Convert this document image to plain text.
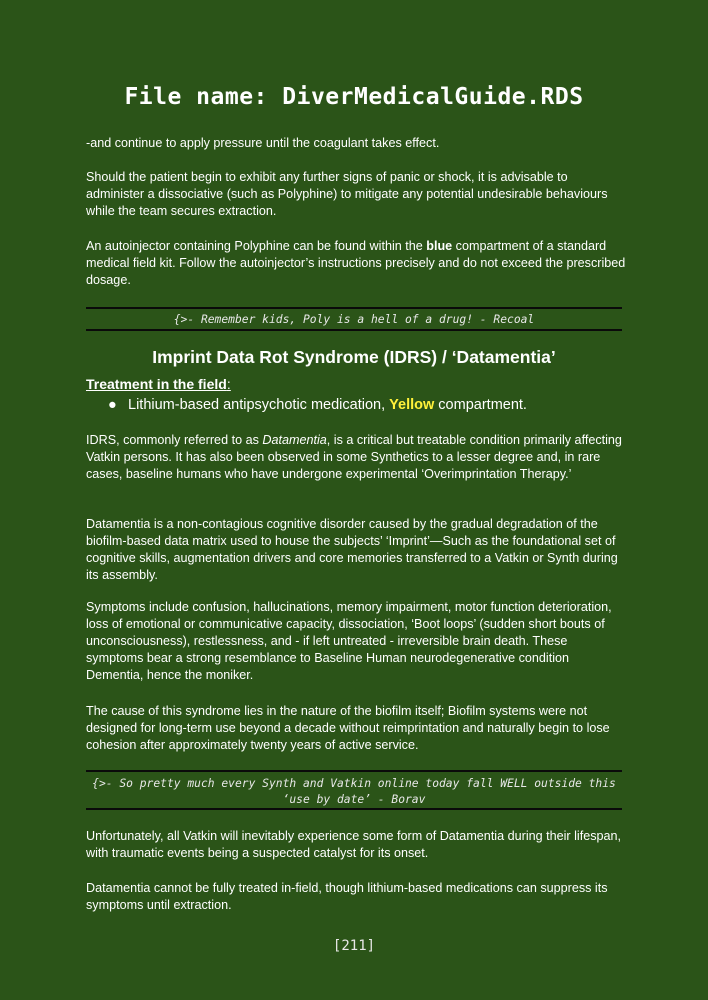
File name: DiverMedicalGuide.RDS

-and continue to apply pressure until the coagulant takes effect.

Should the patient begin to exhibit any further signs of panic or shock, it is advisable to administer a dissociative (such as Polyphine) to mitigate any potential undesirable behaviours while the team secures extraction.

An autoinjector containing Polyphine can be found within the blue compartment of a standard medical field kit. Follow the autoinjector’s instructions precisely and do not exceed the prescribed dosage.

{>- Remember kids, Poly is a hell of a drug! - Recoal
Imprint Data Rot Syndrome (IDRS) / ‘Datamentia’
Treatment in the field:
● Lithium-based antipsychotic medication, Yellow compartment.

IDRS, commonly referred to as Datamentia, is a critical but treatable condition primarily affecting Vatkin persons. It has also been observed in some Synthetics to a lesser degree and, in rare cases, baseline humans who have undergone experimental ‘Overimprintation Therapy.’

Datamentia is a non-contagious cognitive disorder caused by the gradual degradation of the biofilm-based data matrix used to house the subjects’ ‘Imprint’—Such as the foundational set of cognitive skills, augmentation drivers and core memories transferred to a Vatkin or Synth during its assembly.

Symptoms include confusion, hallucinations, memory impairment, motor function deterioration, loss of emotional or communicative capacity, dissociation, ‘Boot loops’ (sudden short bouts of unconsciousness), restlessness, and - if left untreated - irreversible brain death. These symptoms bear a strong resemblance to Baseline Human neurodegenerative condition Dementia, hence the moniker.

The cause of this syndrome lies in the nature of the biofilm itself; Biofilm systems were not designed for long-term use beyond a decade without reimprintation and naturally begin to lose cohesion after approximately twenty years of active service.

{>- So pretty much every Synth and Vatkin online today fall WELL outside this ‘use by date’ - Borav

Unfortunately, all Vatkin will inevitably experience some form of Datamentia during their lifespan, with traumatic events being a suspected catalyst for its onset.

Datamentia cannot be fully treated in-field, though lithium-based medications can suppress its symptoms until extraction.

[211]
